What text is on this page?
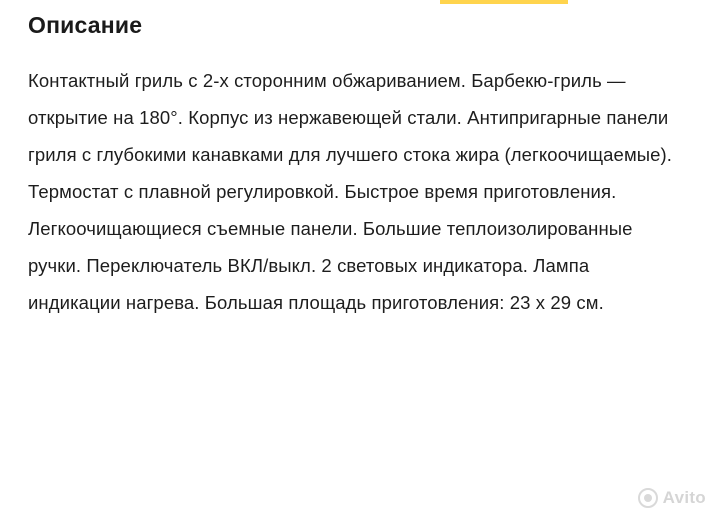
Описание

Контактный гриль с 2-х сторонним обжариванием. Барбекю-гриль — открытие на 180°. Корпус из нержавеющей стали. Антипригарные панели гриля с глубокими канавками для лучшего стока жира (легкоочищаемые). Термостат с плавной регулировкой. Быстрое время приготовления. Легкоочищающиеся съемные панели. Большие теплоизолированные ручки. Переключатель ВКЛ/выкл. 2 световых индикатора. Лампа индикации нагрева. Большая площадь приготовления: 23 x 29 см.

Avito
